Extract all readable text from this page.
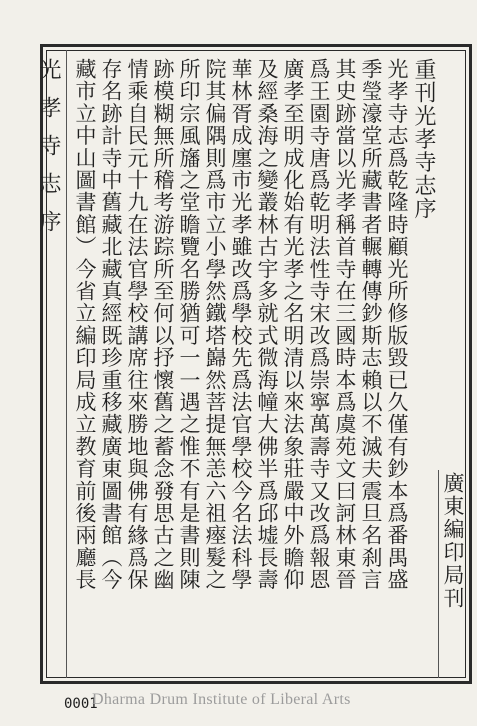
光孝寺志序	重刊光孝寺志序
光孝寺志爲乾隆時顧光所修版毀已久僅有鈔本爲番禺盛
季瑩濠堂所藏書者輾轉傳鈔斯志賴以不滅夫震旦名刹言
其史跡當以光孝稱首寺在三國時本爲虞苑文曰訶林東晉
爲王園寺唐爲乾明法性寺宋改爲崇寧萬壽寺又改爲報恩
廣孝至明成化始有光孝之名明清以來法象莊嚴中外瞻仰
及經桑海之變叢林古宇多就式微海幢大佛半爲邱墟長壽
華林胥成廛市光孝雖改爲學校先爲法官學校今名法科學
院其偏隅則爲市立小學然鐵塔巋然菩提無恙六祖瘞髮之
所印宗風旛之堂瞻覽名勝猶可一一遇之惟不有是書則陳
跡模糊無所稽考游踪所至何以抒懷舊之蓄念發思古之幽
情乘自民元十九在法官學校講席往來勝地與佛有緣爲保
存名跡計寺中舊藏北藏真經既珍重移藏廣東圖書館（今
藏市立中山圖書館）今省立編印局成立教育前後兩廳長	廣東編印局刊
0001
Dharma Drum Institute of Liberal Arts
